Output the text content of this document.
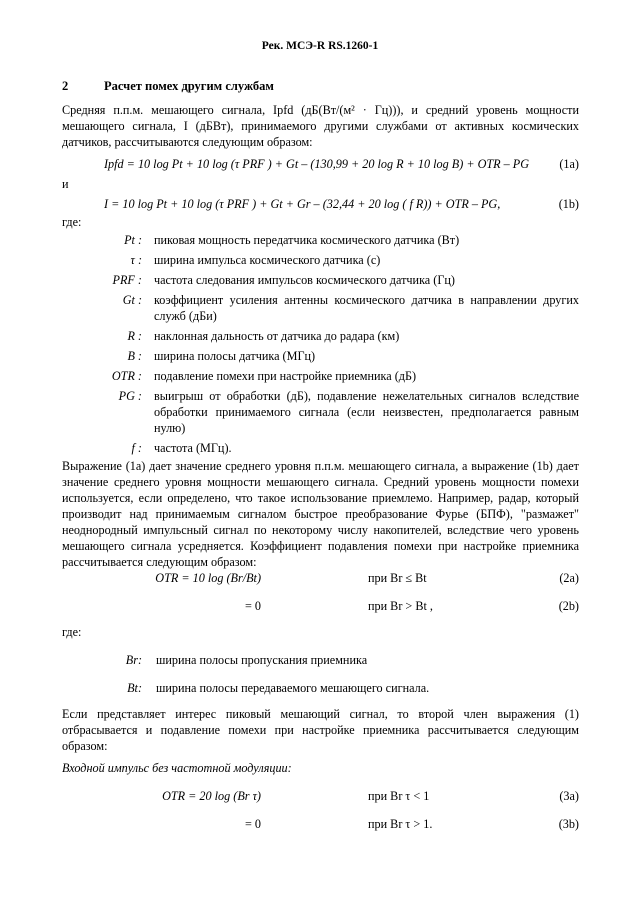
Рек. МСЭ-R RS.1260-1
2	Расчет помех другим службам
Средняя п.п.м. мешающего сигнала, Ipfd (дБ(Вт/(м² · Гц))), и средний уровень мощности мешающего сигнала, I (дБВт), принимаемого другими службами от активных космических датчиков, рассчитываются следующим образом:
Ipfd = 10 log Pt + 10 log (τ PRF ) + Gt – (130,99 + 20 log R + 10 log B) + OTR – PG (1a)
и
I = 10 log Pt + 10 log (τ PRF ) + Gt + Gr – (32,44 + 20 log ( f R)) + OTR – PG,	(1b)
где:
Pt : пиковая мощность передатчика космического датчика (Вт)
τ : ширина импульса космического датчика (с)
PRF : частота следования импульсов космического датчика (Гц)
Gt : коэффициент усиления антенны космического датчика в направлении других служб (дБи)
R : наклонная дальность от датчика до радара (км)
B : ширина полосы датчика (МГц)
OTR : подавление помехи при настройке приемника (дБ)
PG : выигрыш от обработки (дБ), подавление нежелательных сигналов вследствие обработки принимаемого сигнала (если неизвестен, предполагается равным нулю)
f : частота (МГц).
Выражение (1a) дает значение среднего уровня п.п.м. мешающего сигнала, а выражение (1b) дает значение среднего уровня мощности мешающего сигнала. Средний уровень мощности помехи используется, если определено, что такое использование приемлемо. Например, радар, который производит над принимаемым сигналом быстрое преобразование Фурье (БПФ), "размажет" неоднородный импульсный сигнал по некоторому числу накопителей, вследствие чего уровень мешающего сигнала усредняется. Коэффициент подавления помехи при настройке приемника рассчитывается следующим образом:
OTR = 10 log (Br/Bt)	при Br ≤ Bt	(2a)
= 0	при Br > Bt ,	(2b)
где:
Br:	ширина полосы пропускания приемника
Bt:	ширина полосы передаваемого мешающего сигнала.
Если представляет интерес пиковый мешающий сигнал, то второй член выражения (1) отбрасывается и подавление помехи при настройке приемника рассчитывается следующим образом:
Входной импульс без частотной модуляции:
OTR = 20 log (Br τ)	при Br τ < 1	(3a)
= 0	при Br τ > 1.	(3b)
